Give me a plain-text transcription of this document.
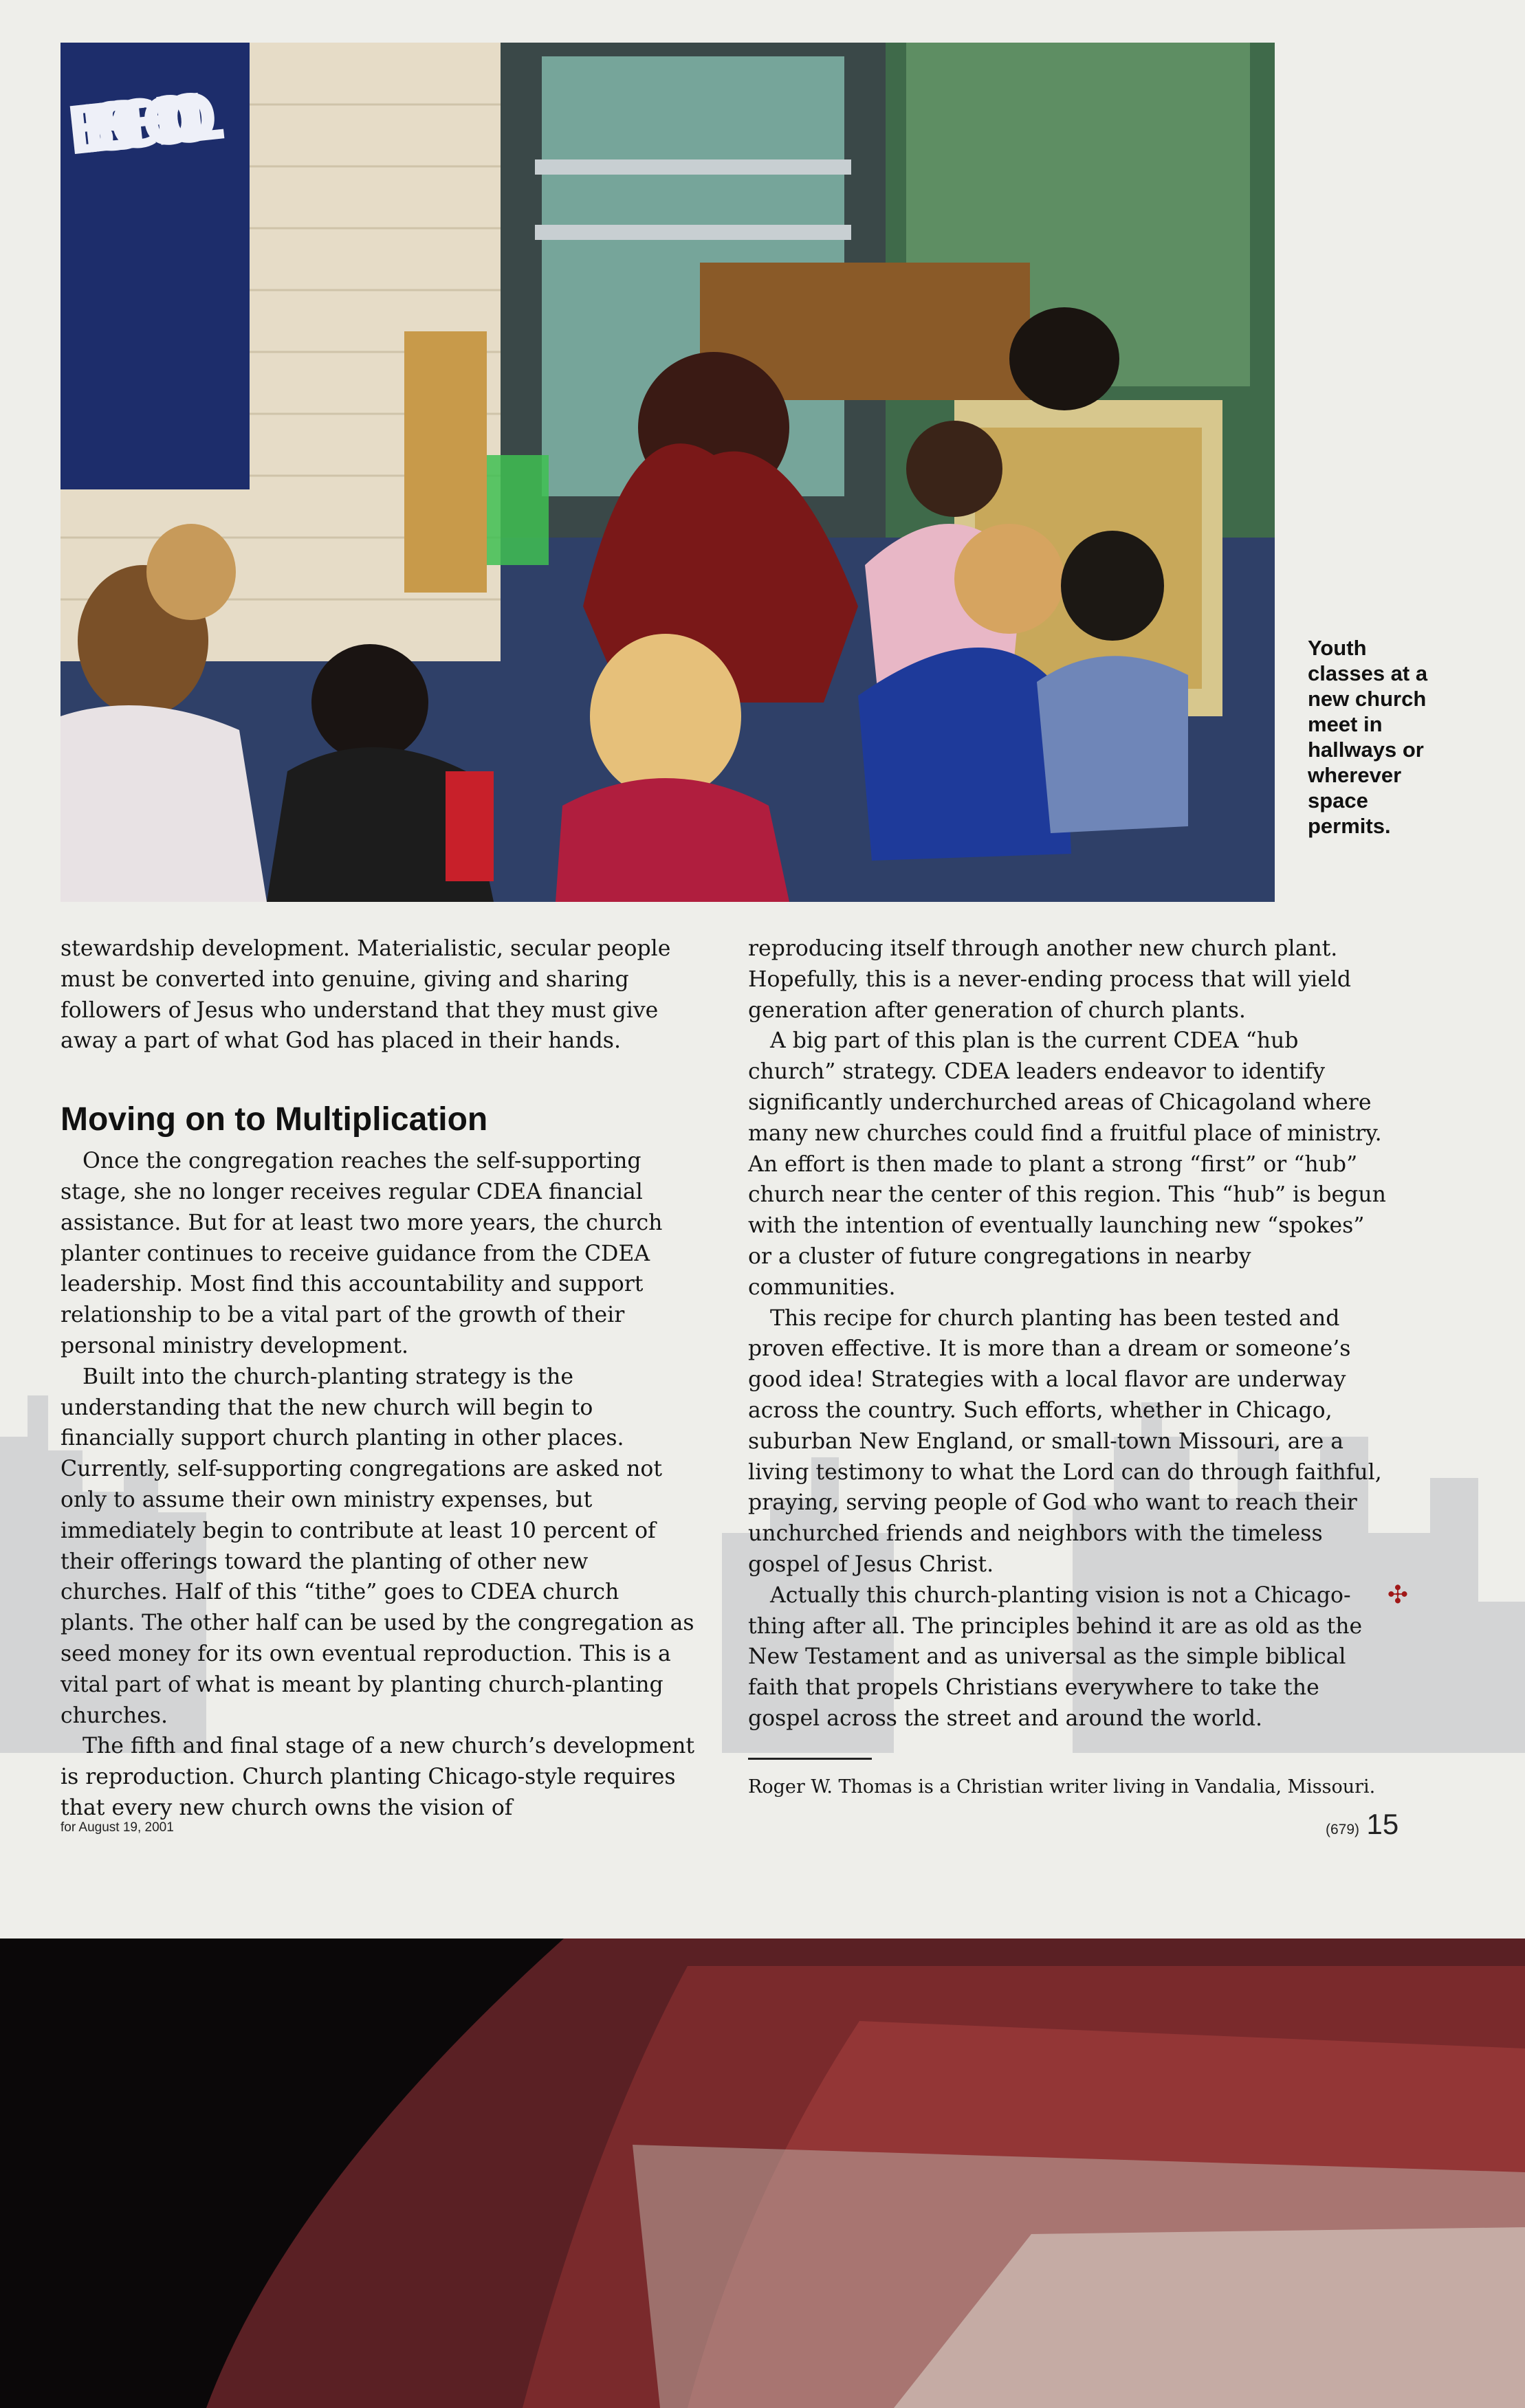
BEST SCHOOL
Youth classes at a new church meet in hallways or wherever space permits.

stewardship development. Materialistic, secular people must be converted into genuine, giving and sharing followers of Jesus who understand that they must give away a part of what God has placed in their hands.

Moving on to Multiplication

Once the congregation reaches the self-supporting stage, she no longer receives regular CDEA financial assistance. But for at least two more years, the church planter continues to receive guidance from the CDEA leadership. Most find this accountability and support relationship to be a vital part of the growth of their personal ministry development.

Built into the church-planting strategy is the understanding that the new church will begin to financially support church planting in other places. Currently, self-supporting congregations are asked not only to assume their own ministry expenses, but immediately begin to contribute at least 10 percent of their offerings toward the planting of other new churches. Half of this “tithe” goes to CDEA church plants. The other half can be used by the congregation as seed money for its own eventual reproduction. This is a vital part of what is meant by planting church-planting churches.

The fifth and final stage of a new church’s development is reproduction. Church planting Chicago-style requires that every new church owns the vision of

reproducing itself through another new church plant. Hopefully, this is a never-ending process that will yield generation after generation of church plants.

A big part of this plan is the current CDEA “hub church” strategy. CDEA leaders endeavor to identify significantly underchurched areas of Chicagoland where many new churches could find a fruitful place of ministry. An effort is then made to plant a strong “first” or “hub” church near the center of this region. This “hub” is begun with the intention of eventually launching new “spokes” or a cluster of future congregations in nearby communities.

This recipe for church planting has been tested and proven effective. It is more than a dream or someone’s good idea! Strategies with a local flavor are underway across the country. Such efforts, whether in Chicago, suburban New England, or small-town Missouri, are a living testimony to what the Lord can do through faithful, praying, serving people of God who want to reach their unchurched friends and neighbors with the timeless gospel of Jesus Christ.

✣
Actually this church-planting vision is not a Chicago-thing after all. The principles behind it are as old as the New Testament and as universal as the simple biblical faith that propels Christians everywhere to take the gospel across the street and around the world.

Roger W. Thomas is a Christian writer living in Vandalia, Missouri.

for August 19, 2001	(679) 15
